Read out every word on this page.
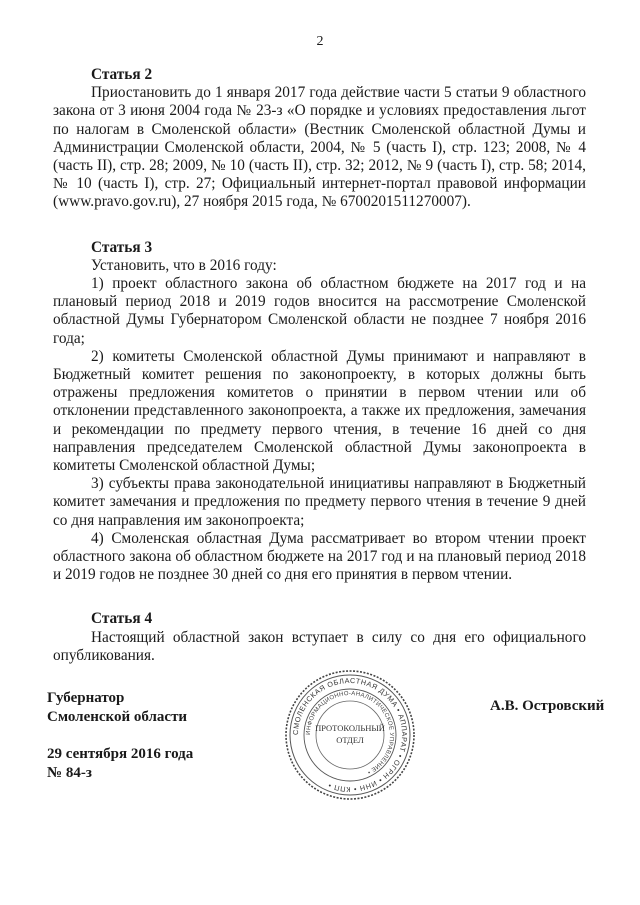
2

Статья 2

Приостановить до 1 января 2017 года действие части 5 статьи 9 областного закона от 3 июня 2004 года № 23-з «О порядке и условиях предоставления льгот по налогам в Смоленской области» (Вестник Смоленской областной Думы и Администрации Смоленской области, 2004, № 5 (часть I), стр. 123; 2008, № 4 (часть II), стр. 28; 2009, № 10 (часть II), стр. 32; 2012, № 9 (часть I), стр. 58; 2014, № 10 (часть I), стр. 27; Официальный интернет-портал правовой информации (www.pravo.gov.ru), 27 ноября 2015 года, № 6700201511270007).

Статья 3

Установить, что в 2016 году:

1) проект областного закона об областном бюджете на 2017 год и на плановый период 2018 и 2019 годов вносится на рассмотрение Смоленской областной Думы Губернатором Смоленской области не позднее 7 ноября 2016 года;

2) комитеты Смоленской областной Думы принимают и направляют в Бюджетный комитет решения по законопроекту, в которых должны быть отражены предложения комитетов о принятии в первом чтении или об отклонении представленного законопроекта, а также их предложения, замечания и рекомендации по предмету первого чтения, в течение 16 дней со дня направления председателем Смоленской областной Думы законопроекта в комитеты Смоленской областной Думы;

3) субъекты права законодательной инициативы направляют в Бюджетный комитет замечания и предложения по предмету первого чтения в течение 9 дней со дня направления им законопроекта;

4) Смоленская областная Дума рассматривает во втором чтении проект областного закона об областном бюджете на 2017 год и на плановый период 2018 и 2019 годов не позднее 30 дней со дня его принятия в первом чтении.

Статья 4

Настоящий областной закон вступает в силу со дня его официального опубликования.

Губернатор
Смоленской области
29 сентября 2016 года
№ 84-з
А.В. Островский
СМОЛЕНСКАЯ ОБЛАСТНАЯ ДУМА • АППАРАТ • ОГРН • ИНН • КПП •
ИНФОРМАЦИОННО-АНАЛИТИЧЕСКОЕ УПРАВЛЕНИЕ •
ПРОТОКОЛЬНЫЙ
ОТДЕЛ
